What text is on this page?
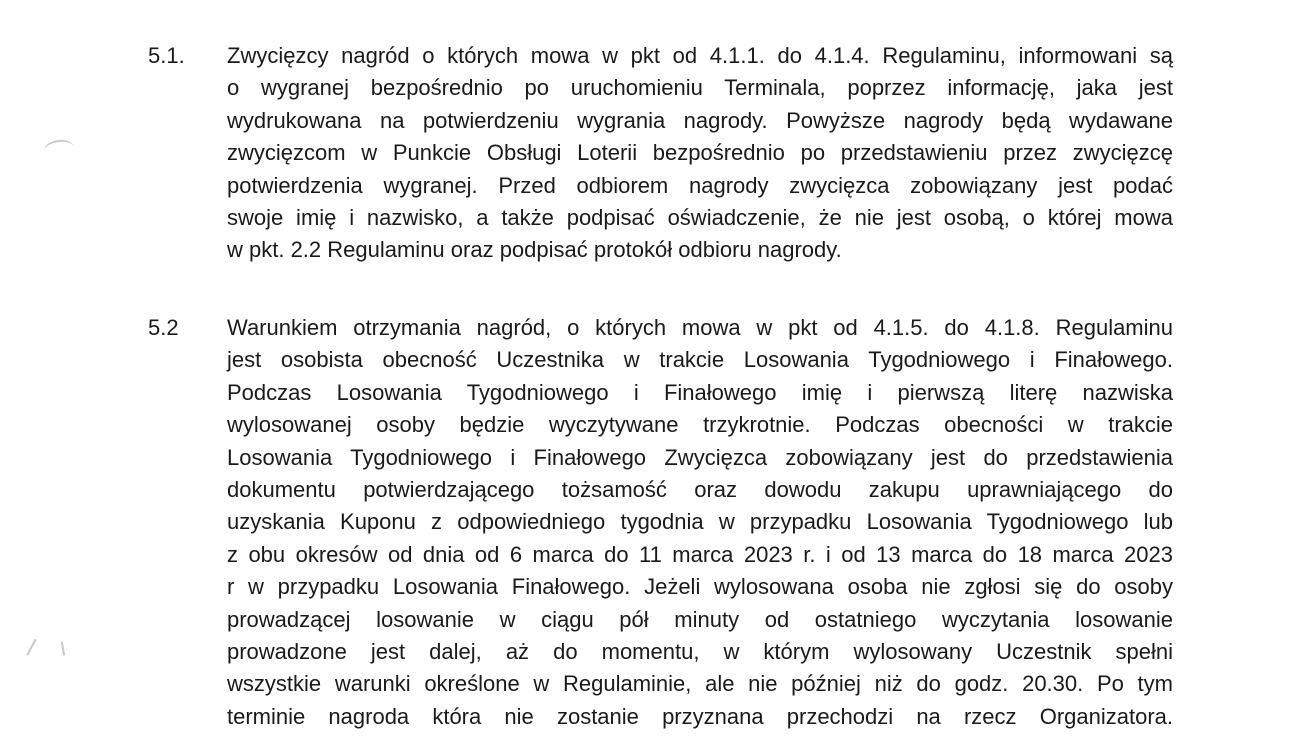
5.1.	Zwycięzcy nagród o których mowa w pkt od 4.1.1. do 4.1.4. Regulaminu, informowani są
o wygranej bezpośrednio po uruchomieniu Terminala, poprzez informację, jaka jest
wydrukowana na potwierdzeniu wygrania nagrody. Powyższe nagrody będą wydawane
zwycięzcom w Punkcie Obsługi Loterii bezpośrednio po przedstawieniu przez zwycięzcę
potwierdzenia wygranej. Przed odbiorem nagrody zwycięzca zobowiązany jest podać
swoje imię i nazwisko, a także podpisać oświadczenie, że nie jest osobą, o której mowa
w pkt. 2.2 Regulaminu oraz podpisać protokół odbioru nagrody.
5.2	Warunkiem otrzymania nagród, o których mowa w pkt od 4.1.5. do 4.1.8. Regulaminu
jest osobista obecność Uczestnika w trakcie Losowania Tygodniowego i Finałowego.
Podczas Losowania Tygodniowego i Finałowego imię i pierwszą literę nazwiska
wylosowanej osoby będzie wyczytywane trzykrotnie. Podczas obecności w trakcie
Losowania Tygodniowego i Finałowego Zwycięzca zobowiązany jest do przedstawienia
dokumentu potwierdzającego tożsamość oraz dowodu zakupu uprawniającego do
uzyskania Kuponu z odpowiedniego tygodnia w przypadku Losowania Tygodniowego lub
z obu okresów od dnia od 6 marca do 11 marca 2023 r. i od 13 marca do 18 marca 2023
r w przypadku Losowania Finałowego. Jeżeli wylosowana osoba nie zgłosi się do osoby
prowadzącej losowanie w ciągu pół minuty od ostatniego wyczytania losowanie
prowadzone jest dalej, aż do momentu, w którym wylosowany Uczestnik spełni
wszystkie warunki określone w Regulaminie, ale nie później niż do godz. 20.30. Po tym
terminie nagroda która nie zostanie przyznana przechodzi na rzecz Organizatora.
